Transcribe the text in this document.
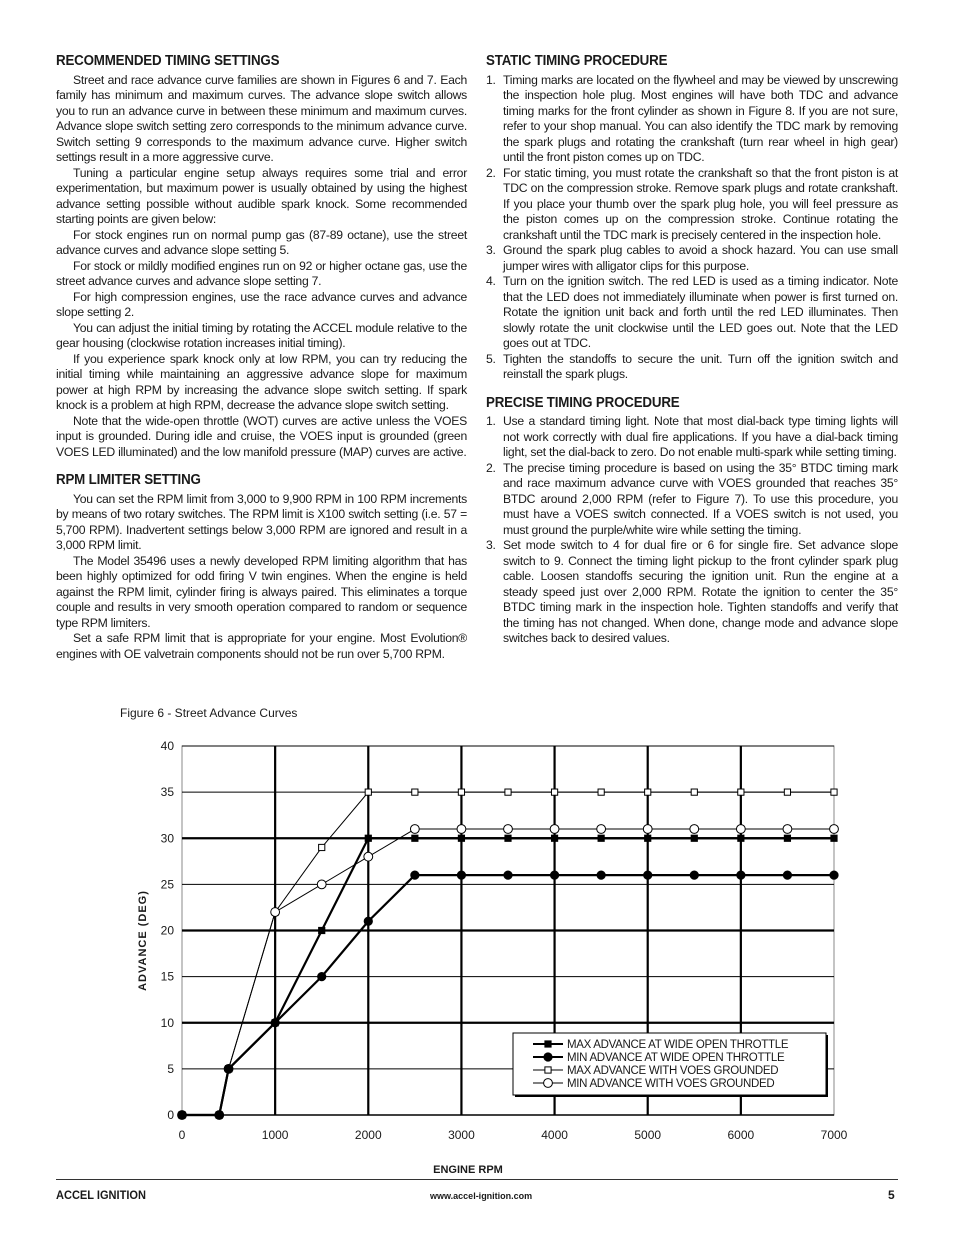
RECOMMENDED TIMING SETTINGS

Street and race advance curve families are shown in Figures 6 and 7. Each family has minimum and maximum curves. The advance slope switch allows you to run an advance curve in between these minimum and maximum curves. Advance slope switch setting zero corresponds to the minimum advance curve. Switch setting 9 corresponds to the maximum advance curve. Higher switch settings result in a more aggressive curve.

Tuning a particular engine setup always requires some trial and error experimentation, but maximum power is usually obtained by using the highest advance setting possible without audible spark knock. Some recommended starting points are given below:

For stock engines run on normal pump gas (87-89 octane), use the street advance curves and advance slope setting 5.

For stock or mildly modified engines run on 92 or higher octane gas, use the street advance curves and advance slope setting 7.

For high compression engines, use the race advance curves and advance slope setting 2.

You can adjust the initial timing by rotating the ACCEL module relative to the gear housing (clockwise rotation increases initial timing).

If you experience spark knock only at low RPM, you can try reducing the initial timing while maintaining an aggressive advance slope for maximum power at high RPM by increasing the advance slope switch setting. If spark knock is a problem at high RPM, decrease the advance slope switch setting.

Note that the wide-open throttle (WOT) curves are active unless the VOES input is grounded. During idle and cruise, the VOES input is grounded (green VOES LED illuminated) and the low manifold pressure (MAP) curves are active.

RPM LIMITER SETTING

You can set the RPM limit from 3,000 to 9,900 RPM in 100 RPM increments by means of two rotary switches. The RPM limit is X100 switch setting (i.e. 57 = 5,700 RPM). Inadvertent settings below 3,000 RPM are ignored and result in a 3,000 RPM limit.

The Model 35496 uses a newly developed RPM limiting algorithm that has been highly optimized for odd firing V twin engines. When the engine is held against the RPM limit, cylinder firing is always paired. This eliminates a torque couple and results in very smooth operation compared to random or sequence type RPM limiters.

Set a safe RPM limit that is appropriate for your engine. Most Evolution® engines with OE valvetrain components should not be run over 5,700 RPM.

STATIC TIMING PROCEDURE
1. Timing marks are located on the flywheel and may be viewed by unscrewing the inspection hole plug. Most engines will have both TDC and advance timing marks for the front cylinder as shown in Figure 8. If you are not sure, refer to your shop manual. You can also identify the TDC mark by removing the spark plugs and rotating the crankshaft (turn rear wheel in high gear) until the front piston comes up on TDC.
2. For static timing, you must rotate the crankshaft so that the front piston is at TDC on the compression stroke. Remove spark plugs and rotate crankshaft. If you place your thumb over the spark plug hole, you will feel pressure as the piston comes up on the compression stroke. Continue rotating the crankshaft until the TDC mark is precisely centered in the inspection hole.
3. Ground the spark plug cables to avoid a shock hazard. You can use small jumper wires with alligator clips for this purpose.
4. Turn on the ignition switch. The red LED is used as a timing indicator. Note that the LED does not immediately illuminate when power is first turned on. Rotate the ignition unit back and forth until the red LED illuminates. Then slowly rotate the unit clockwise until the LED goes out. Note that the LED goes out at TDC.
5. Tighten the standoffs to secure the unit. Turn off the ignition switch and reinstall the spark plugs.
PRECISE TIMING PROCEDURE
1. Use a standard timing light. Note that most dial-back type timing lights will not work correctly with dual fire applications. If you have a dial-back timing light, set the dial-back to zero. Do not enable multi-spark while setting timing.
2. The precise timing procedure is based on using the 35° BTDC timing mark and race maximum advance curve with VOES grounded that reaches 35° BTDC around 2,000 RPM (refer to Figure 7). To use this procedure, you must have a VOES switch connected. If a VOES switch is not used, you must ground the purple/white wire while setting the timing.
3. Set mode switch to 4 for dual fire or 6 for single fire. Set advance slope switch to 9. Connect the timing light pickup to the front cylinder spark plug cable. Loosen standoffs securing the ignition unit. Run the engine at a steady speed just over 2,000 RPM. Rotate the ignition to center the 35° BTDC timing mark in the inspection hole. Tighten standoffs and verify that the timing has not changed. When done, change mode and advance slope switches back to desired values.
Figure 6 - Street Advance Curves
0
5
10
15
20
25
30
35
40
0	1000	2000	3000	4000	5000	6000	7000
ENGINE RPM
ADVANCE (DEG)
MAX ADVANCE AT WIDE OPEN THROTTLE
MIN ADVANCE AT WIDE OPEN THROTTLE
MAX ADVANCE WITH VOES GROUNDED
MIN ADVANCE WITH VOES GROUNDED
ACCEL IGNITION	www.accel-ignition.com	5
